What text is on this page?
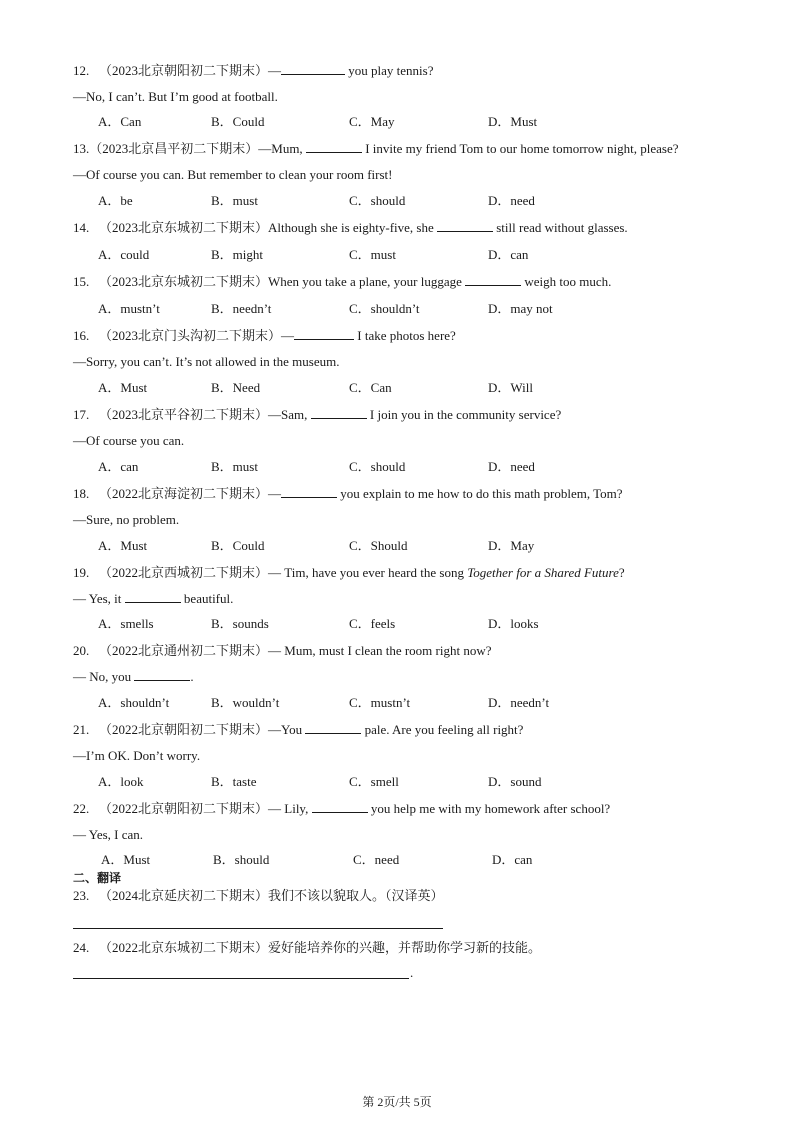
12. （2023北京朝阳初二下期末）—	you play tennis?
—No, I can’t. But I’m good at football.
A．Can	B．Could	C．May	D．Must
13.（2023北京昌平初二下期末）—Mum,	I invite my friend Tom to our home tomorrow night, please?
—Of course you can. But remember to clean your room first!
A．be	B．must	C．should	D．need
14. （2023北京东城初二下期末）Although she is eighty-five, she	still read without glasses.
A．could	B．might	C．must	D．can
15. （2023北京东城初二下期末）When you take a plane, your luggage	weigh too much.
A．mustn’t	B．needn’t	C．shouldn’t	D．may not
16. （2023北京门头沟初二下期末）—	I take photos here?
—Sorry, you can’t. It’s not allowed in the museum.
A．Must	B．Need	C．Can	D．Will
17. （2023北京平谷初二下期末）—Sam,	I join you in the community service?
—Of course you can.
A．can	B．must	C．should	D．need
18. （2022北京海淀初二下期末）—	you explain to me how to do this math problem, Tom?
—Sure, no problem.
A．Must	B．Could	C．Should	D．May
19. （2022北京西城初二下期末）— Tim, have you ever heard the song Together for a Shared Future?
— Yes, it	beautiful.
A．smells	B．sounds	C．feels	D．looks
20. （2022北京通州初二下期末）— Mum, must I clean the room right now?
— No, you	.
A．shouldn’t	B．wouldn’t	C．mustn’t	D．needn’t
21. （2022北京朝阳初二下期末）—You	pale. Are you feeling all right?
—I’m OK. Don’t worry.
A．look	B．taste	C．smell	D．sound
22. （2022北京朝阳初二下期末）— Lily,	you help me with my homework after school?
— Yes, I can.
A．Must	B．should	C．need	D．can
二、翻译
23. （2024北京延庆初二下期末）我们不该以貌取人。（汉译英）
24. （2022北京东城初二下期末）爱好能培养你的兴趣，并帮助你学习新的技能。
.
第 2页/共 5页
